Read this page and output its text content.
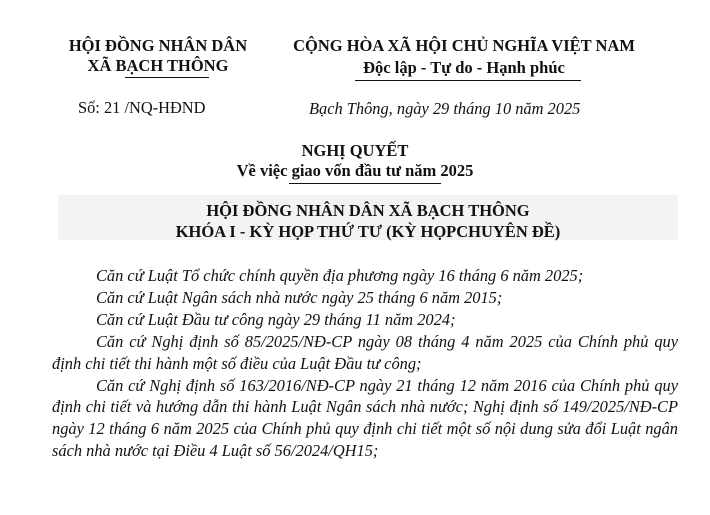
HỘI ĐỒNG NHÂN DÂN
XÃ BẠCH THÔNG
CỘNG HÒA XÃ HỘI CHỦ NGHĨA VIỆT NAM
Độc lập - Tự do - Hạnh phúc
Số: 21 /NQ-HĐND	Bạch Thông, ngày 29 tháng 10 năm 2025
NGHỊ QUYẾT
Về việc giao vốn đầu tư năm 2025
HỘI ĐỒNG NHÂN DÂN XÃ BẠCH THÔNG
KHÓA I - KỲ HỌP THỨ TƯ (KỲ HỌPCHUYÊN ĐỀ)

Căn cứ Luật Tổ chức chính quyền địa phương ngày 16 tháng 6 năm 2025;

Căn cứ Luật Ngân sách nhà nước ngày 25 tháng 6 năm 2015;

Căn cứ Luật Đầu tư công ngày 29 tháng 11 năm 2024;

Căn cứ Nghị định số 85/2025/NĐ-CP ngày 08 tháng 4 năm 2025 của Chính phủ quy định chi tiết thi hành một số điều của Luật Đầu tư công;

Căn cứ Nghị định số 163/2016/NĐ-CP ngày 21 tháng 12 năm 2016 của Chính phủ quy định chi tiết và hướng dẫn thi hành Luật Ngân sách nhà nước; Nghị định số 149/2025/NĐ-CP ngày 12 tháng 6 năm 2025 của Chính phủ quy định chi tiết một số nội dung sửa đổi Luật ngân sách nhà nước tại Điều 4 Luật số 56/2024/QH15;
